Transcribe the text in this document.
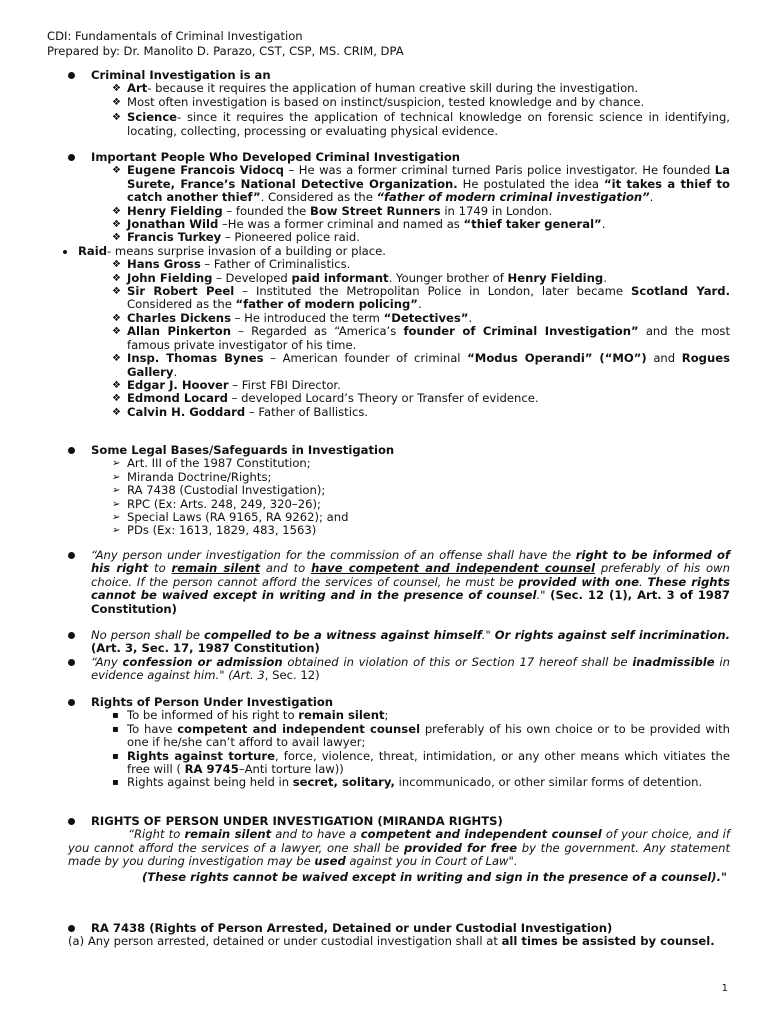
CDI: Fundamentals of Criminal Investigation
Prepared by: Dr. Manolito D. Parazo, CST, CSP, MS. CRIM, DPA
Criminal Investigation is an
❖ Art- because it requires the application of human creative skill during the investigation.
❖ Most often investigation is based on instinct/suspicion, tested knowledge and by chance.
❖ Science- since it requires the application of technical knowledge on forensic science in identifying, locating, collecting, processing or evaluating physical evidence.
Important People Who Developed Criminal Investigation
❖ Eugene Francois Vidocq – He was a former criminal turned Paris police investigator. He founded La Surete, France’s National Detective Organization. He postulated the idea “it takes a thief to catch another thief”. Considered as the “father of modern criminal investigation”.
❖ Henry Fielding – founded the Bow Street Runners in 1749 in London.
❖ Jonathan Wild –He was a former criminal and named as “thief taker general”.
❖ Francis Turkey – Pioneered police raid.
Raid- means surprise invasion of a building or place.
❖ Hans Gross – Father of Criminalistics.
❖ John Fielding – Developed paid informant. Younger brother of Henry Fielding.
❖ Sir Robert Peel – Instituted the Metropolitan Police in London, later became Scotland Yard. Considered as the “father of modern policing”.
❖ Charles Dickens – He introduced the term “Detectives”.
❖ Allan Pinkerton – Regarded as “America’s founder of Criminal Investigation” and the most famous private investigator of his time.
❖ Insp. Thomas Bynes – American founder of criminal “Modus Operandi” (“MO”) and Rogues Gallery.
❖ Edgar J. Hoover – First FBI Director.
❖ Edmond Locard – developed Locard’s Theory or Transfer of evidence.
❖ Calvin H. Goddard – Father of Ballistics.
Some Legal Bases/Safeguards in Investigation
➢ Art. III of the 1987 Constitution;
➢ Miranda Doctrine/Rights;
➢ RA 7438 (Custodial Investigation);
➢ RPC (Ex: Arts. 248, 249, 320–26);
➢ Special Laws (RA 9165, RA 9262); and
➢ PDs (Ex: 1613, 1829, 483, 1563)
“Any person under investigation for the commission of an offense shall have the right to be informed of his right to remain silent and to have competent and independent counsel preferably of his own choice. If the person cannot afford the services of counsel, he must be provided with one. These rights cannot be waived except in writing and in the presence of counsel." (Sec. 12 (1), Art. 3 of 1987 Constitution)
No person shall be compelled to be a witness against himself." Or rights against self incrimination.(Art. 3, Sec. 17, 1987 Constitution)
“Any confession or admission obtained in violation of this or Section 17 hereof shall be inadmissible in evidence against him." (Art. 3, Sec. 12)
Rights of Person Under Investigation
▪ To be informed of his right to remain silent;
▪ To have competent and independent counsel preferably of his own choice or to be provided with one if he/she can’t afford to avail lawyer;
▪ Rights against torture, force, violence, threat, intimidation, or any other means which vitiates the free will ( RA 9745–Anti torture law))
▪ Rights against being held in secret, solitary, incommunicado, or other similar forms of detention.
RIGHTS OF PERSON UNDER INVESTIGATION (MIRANDA RIGHTS)
“Right to remain silent and to have a competent and independent counsel of your choice, and if you cannot afford the services of a lawyer, one shall be provided for free by the government. Any statement made by you during investigation may be used against you in Court of Law".
(These rights cannot be waived except in writing and sign in the presence of a counsel)."
RA 7438 (Rights of Person Arrested, Detained or under Custodial Investigation)
(a) Any person arrested, detained or under custodial investigation shall at all times be assisted by counsel.
1
